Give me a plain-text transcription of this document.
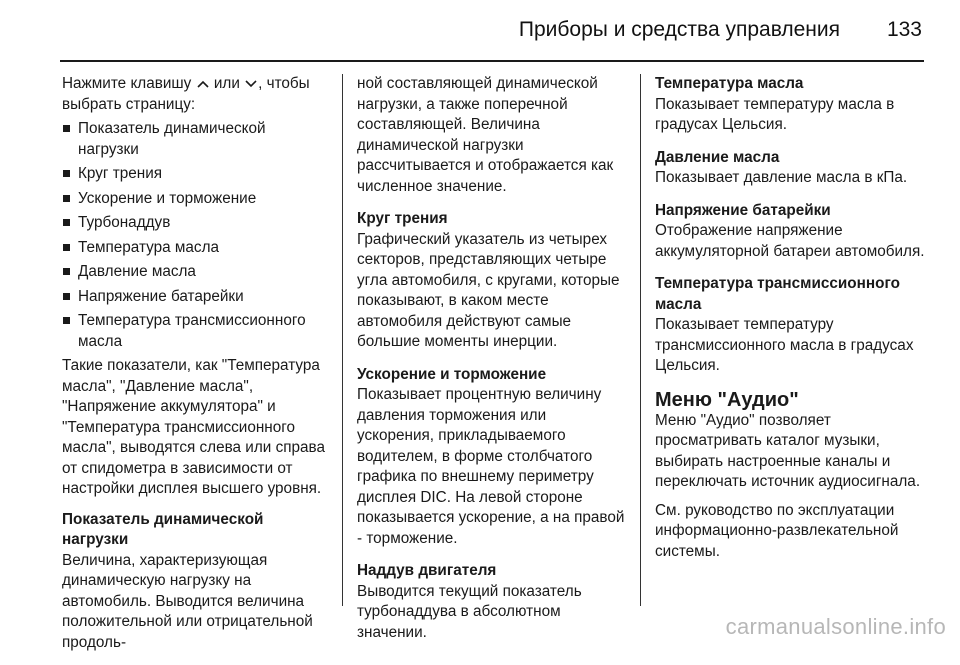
Приборы и средства управления 133

Нажмите клавишу или , чтобы выбрать страницу:

Показатель динамической нагрузки
Круг трения
Ускорение и торможение
Турбонаддув
Температура масла
Давление масла
Напряжение батарейки
Температура трансмиссионного масла

Такие показатели, как "Температура масла", "Давление масла", "Напряжение аккумулятора" и "Температура трансмиссионного масла", выводятся слева или справа от спидометра в зависимости от настройки дисплея высшего уровня.

Показатель динамической нагрузки

Величина, характеризующая динамическую нагрузку на автомобиль. Выводится величина положительной или отрицательной продоль-

ной составляющей динамической нагрузки, а также поперечной составляющей. Величина динамической нагрузки рассчитывается и отображается как численное значение.

Круг трения

Графический указатель из четырех секторов, представляющих четыре угла автомобиля, с кругами, которые показывают, в каком месте автомобиля действуют самые большие моменты инерции.

Ускорение и торможение

Показывает процентную величину давления торможения или ускорения, прикладываемого водителем, в форме столбчатого графика по внешнему периметру дисплея DIC. На левой стороне показывается ускорение, а на правой - торможение.

Наддув двигателя

Выводится текущий показатель турбонаддува в абсолютном значении.

Температура масла

Показывает температуру масла в градусах Цельсия.

Давление масла

Показывает давление масла в кПа.

Напряжение батарейки

Отображение напряжение аккумуляторной батареи автомобиля.

Температура трансмиссионного масла

Показывает температуру трансмиссионного масла в градусах Цельсия.

Меню "Аудио"

Меню "Аудио" позволяет просматривать каталог музыки, выбирать настроенные каналы и переключать источник аудиосигнала.

См. руководство по эксплуатации информационно-развлекательной системы.

carmanualsonline.info
